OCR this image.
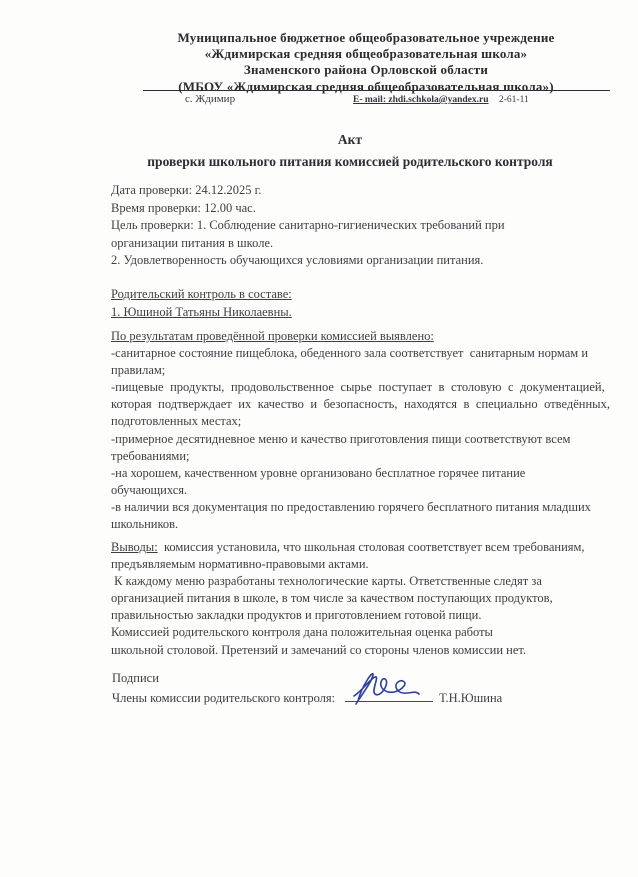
Муниципальное бюджетное общеобразовательное учреждение
«Ждимирская средняя общеобразовательная школа»
Знаменского района Орловской области
(МБОУ «Ждимирская средняя общеобразовательная школа»)
с. Ждимир	E- mail: zhdi.schkola@yandex.ru 2-61-11
Акт
проверки школьного питания комиссией родительского контроля
Дата проверки: 24.12.2025 г.
Время проверки: 12.00 час.
Цель проверки: 1. Соблюдение санитарно-гигиенических требований при
организации питания в школе.
2. Удовлетворенность обучающихся условиями организации питания.
Родительский контроль в составе:
1. Юшиной Татьяны Николаевны.
По результатам проведённой проверки комиссией выявлено:
-санитарное состояние пищеблока, обеденного зала соответствует  санитарным нормам и
правилам;
-пищевые продукты, продовольственное сырье поступает в столовую с документацией,
которая подтверждает их качество и безопасность, находятся в специально отведённых,
подготовленных местах;
-примерное десятидневное меню и качество приготовления пищи соответствуют всем
требованиями;
-на хорошем, качественном уровне организовано бесплатное горячее питание
обучающихся.
-в наличии вся документация по предоставлению горячего бесплатного питания младших
школьников.
Выводы:  комиссия установила, что школьная столовая соответствует всем требованиям,
предъявляемым нормативно-правовыми актами.
К каждому меню разработаны технологические карты. Ответственные следят за
организацией питания в школе, в том числе за качеством поступающих продуктов,
правильностью закладки продуктов и приготовлением готовой пищи.
Комиссией родительского контроля дана положительная оценка работы
школьной столовой. Претензий и замечаний со стороны членов комиссии нет.
Подписи
Члены комиссии родительского контроля:	Т.Н.Юшина
